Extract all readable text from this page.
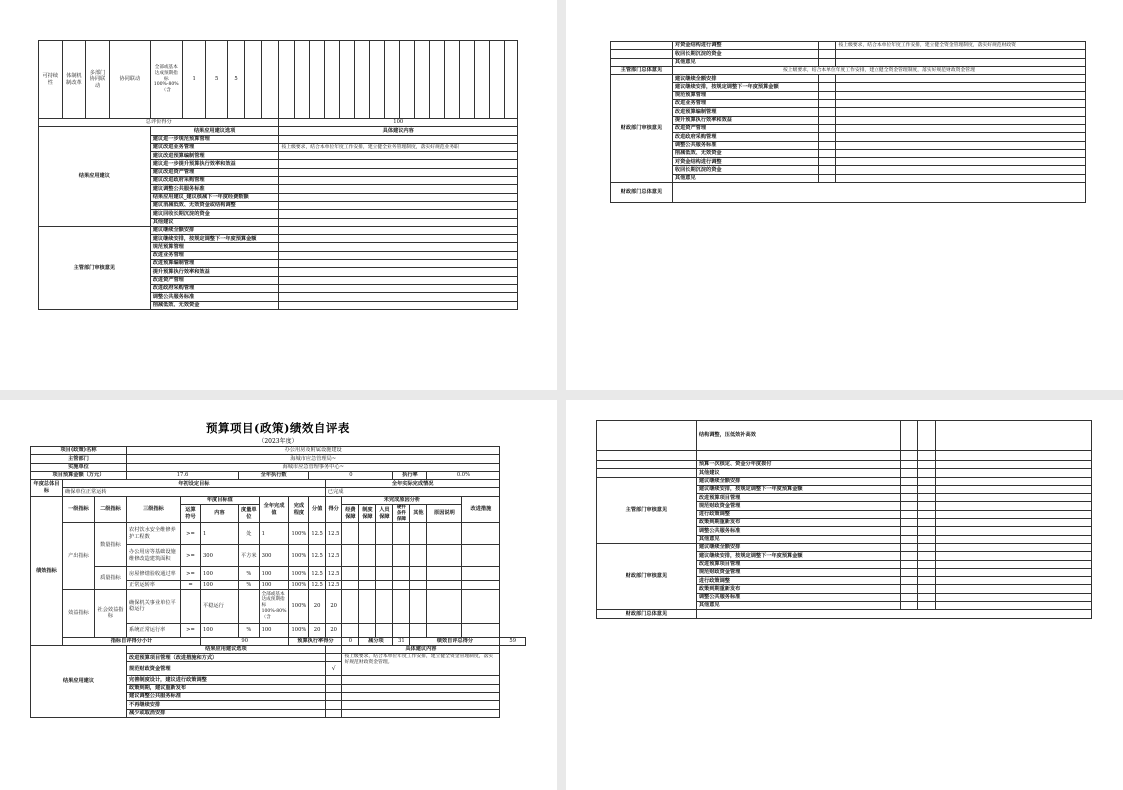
可持续性	体制机制改革	多部门协同联动	协同联动	全部或基本达成预期指标100%-80%（含	1	5	5																		
总评价得分										100															
结果应用建议				结果应用建议选项						具体建议内容															
				建议进一步规范预算管理																					
				建议改进业务管理						按上级要求，结合本单位年度工作安排，建立健全业务管理制度，落实好规范业务职															
				建议改进预算编制管理																					
				建议进一步提升预算执行效率和效益																					
				建议改进资产管理																					
				建议改进政府采购管理																					
				建议调整公共服务标准																					
				结果应用建议_建议核减下一年度经费数额																					
				建议消减低效、无效资金或结构调整																					
				建议回收长期沉淀的资金																					
				其他建议																					
主管部门审核意见				建议继续全额安排																					
				建议继续安排，按规定调整下一年度预算金额																					
				规范预算管理																					
				改进业务管理																					
				改进预算编制管理																					
				提升预算执行效率和效益																					
				改进资产管理																					
				改进政府采购管理																					
				调整公共服务标准																					
				削减低效、无效资金																					
	对资金结构进行调整		按上级要求，结合本单位年度工作安排，建立健全资金管理制度，落实好规范财政资
	收回长期沉淀的资金		
	其他意见		
主管部门总体意见	按上级要求，结合本单位年度工作安排，建立健全资金管理制度，落实好规范财政资金管理		
财政部门审核意见	建议继续全额安排		
	建议继续安排，按规定调整下一年度预算金额		
	规范预算管理		
	改进业务管理		
	改进预算编制管理		
	提升预算执行效率和效益		
	改进资产管理		
	改进政府采购管理		
	调整公共服务标准		
	削减低效、无效资金		
	对资金结构进行调整		
	收回长期沉淀的资金		
	其他意见		
财政部门总体意见			
预算项目(政策)绩效自评表
（2023年度）
项目(政策)名称			办公用房及附属设施建设															
主管部门			海城市应急管理局~															
实施单位			海城市应急管理事务中心~															
项目预算金额（万元）			17.6			全年执行数			0					执行率		0.0%		
年度总体目标	年初设定目标									全年实际完成情况								
	确保单位正常运转									已完成								
绩效指标	一级指标	二级指标	三级指标	年度目标值			全年完成值	完成程度	分值	得分	未完成原因分析						改进措施	
				运算符号	内容	度量单位					经费保障	制度保障	人员保障	硬件条件保障	其他	原因说明		
	产出指标	数量指标	农村饮水安全维修养护工程数	>=	1	处	1	100%	12.5	12.5								
			办公用房等基础设施维修改造建筑面积	>=	300	平方米	300	100%	12.5	12.5								
		质量指标	房屋修缮验收通过率	>=	100	%	100	100%	12.5	12.5								
			正常运转率	=	100	%	100	100%	12.5	12.5								
	效益指标	社会效益指标	确保机关事业单位平稳运行		平稳运行		全部或基本达成预期指标100%-80%（含	100%	20	20								
			系统正常运行率	>=	100	%	100	100%	20	20								
	指标自评得分小计				90			预算执行率得分			0	减分项		31	绩效自评总得分			59
结果应用建议			结果应用建议选项								具体建议内容							
			改进预算项目管理（改进措施和方式）								按上级要求，结合本单位年度工作安排，建立健全资金管理制度，落实好规范财政资金管理。							
			规范财政资金管理							√								
			完善制度设计，建议进行政策调整															
			政策到期，建议重新发布															
			建议调整公共服务标准															
			不再继续安排															
			减少或取消安排															
	结构调整，压低效补高效			

	预算一次核定、资金分年度拨付			
	其他建议			
主管部门审核意见	建议继续全额安排			
	建议继续安排，按规定调整下一年度预算金额			
	改进预算项目管理			
	规范财政资金管理			
	进行政策调整			
	政策到期重新发布			
	调整公共服务标准			
	其他意见			
财政部门审核意见	建议继续全额安排			
	建议继续安排，按规定调整下一年度预算金额			
	改进预算项目管理			
	规范财政资金管理			
	进行政策调整			
	政策到期重新发布			
	调整公共服务标准			
	其他意见			
财政部门总体意见				
